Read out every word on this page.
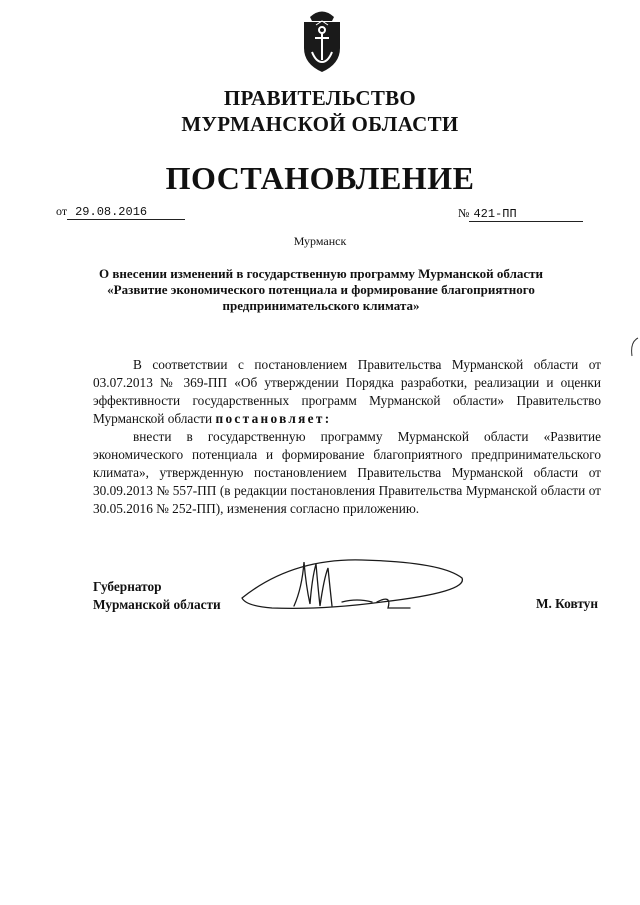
ПРАВИТЕЛЬСТВО
МУРМАНСКОЙ ОБЛАСТИ
ПОСТАНОВЛЕНИЕ
от 29.08.2016	№ 421-ПП
Мурманск
О внесении изменений в государственную программу Мурманской области «Развитие экономического потенциала и формирование благоприятного предпринимательского климата»

В соответствии с постановлением Правительства Мурманской области от 03.07.2013 № 369-ПП «Об утверждении Порядка разработки, реализации и оценки эффективности государственных программ Мурманской области» Правительство Мурманской области постановляет:

внести в государственную программу Мурманской области «Развитие экономического потенциала и формирование благоприятного предпринимательского климата», утвержденную постановлением Правительства Мурманской области от 30.09.2013 № 557-ПП (в редакции постановления Правительства Мурманской области от 30.05.2016 № 252-ПП), изменения согласно приложению.

Губернатор
Мурманской области	М. Ковтун
